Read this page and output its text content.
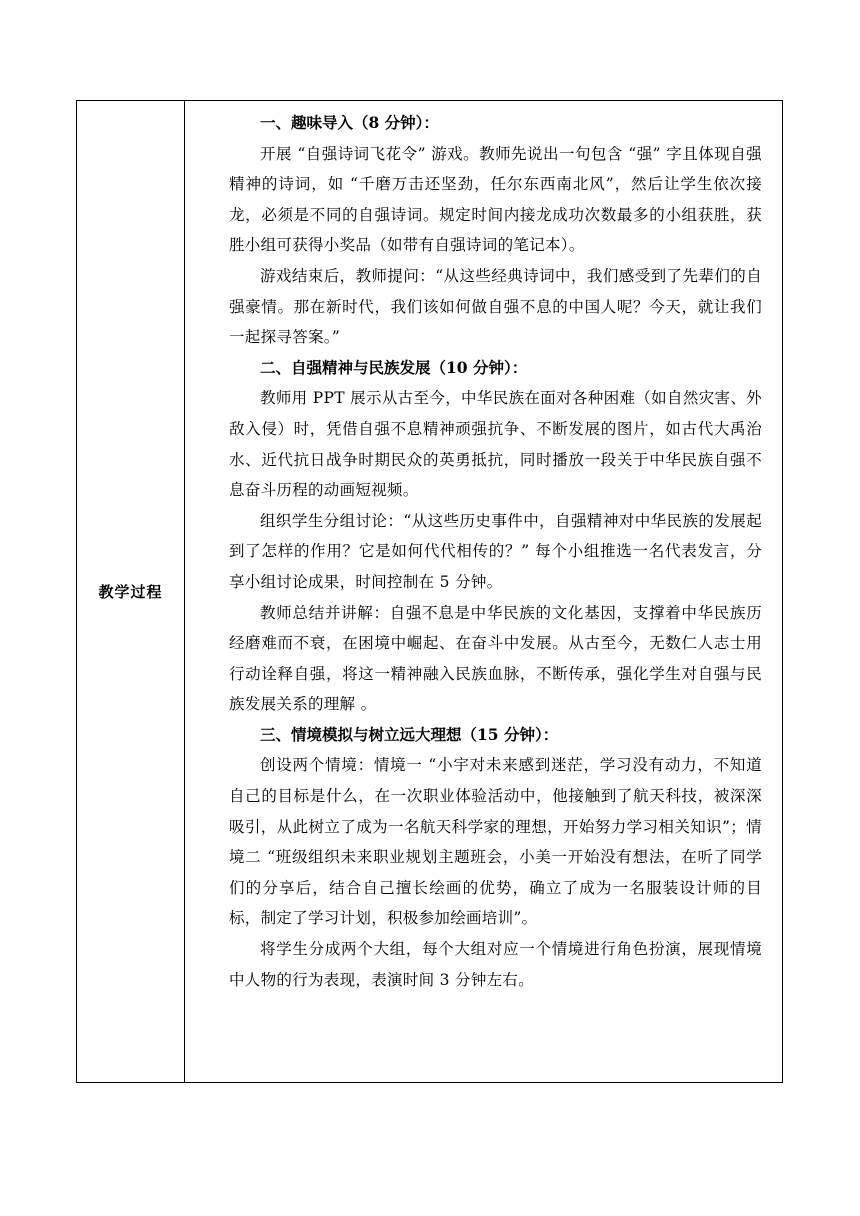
教学过程	
一、趣味导入（8 分钟）：

开展 “自强诗词飞花令” 游戏。教师先说出一句包含 “强” 字且体现自强精神的诗词，如 “千磨万击还坚劲，任尔东西南北风”，然后让学生依次接龙，必须是不同的自强诗词。规定时间内接龙成功次数最多的小组获胜，获胜小组可获得小奖品（如带有自强诗词的笔记本）。

游戏结束后，教师提问：“从这些经典诗词中，我们感受到了先辈们的自强豪情。那在新时代，我们该如何做自强不息的中国人呢？今天，就让我们一起探寻答案。”

二、自强精神与民族发展（10 分钟）：

教师用 PPT 展示从古至今，中华民族在面对各种困难（如自然灾害、外敌入侵）时，凭借自强不息精神顽强抗争、不断发展的图片，如古代大禹治水、近代抗日战争时期民众的英勇抵抗，同时播放一段关于中华民族自强不息奋斗历程的动画短视频。

组织学生分组讨论：“从这些历史事件中，自强精神对中华民族的发展起到了怎样的作用？它是如何代代相传的？” 每个小组推选一名代表发言，分享小组讨论成果，时间控制在 5 分钟。

教师总结并讲解：自强不息是中华民族的文化基因，支撑着中华民族历经磨难而不衰，在困境中崛起、在奋斗中发展。从古至今，无数仁人志士用行动诠释自强，将这一精神融入民族血脉，不断传承，强化学生对自强与民族发展关系的理解 。

三、情境模拟与树立远大理想（15 分钟）：

创设两个情境：情境一 “小宇对未来感到迷茫，学习没有动力，不知道自己的目标是什么，在一次职业体验活动中，他接触到了航天科技，被深深吸引，从此树立了成为一名航天科学家的理想，开始努力学习相关知识”；情境二 “班级组织未来职业规划主题班会，小美一开始没有想法，在听了同学们的分享后，结合自己擅长绘画的优势，确立了成为一名服装设计师的目标，制定了学习计划，积极参加绘画培训”。

将学生分成两个大组，每个大组对应一个情境进行角色扮演，展现情境中人物的行为表现，表演时间 3 分钟左右。
